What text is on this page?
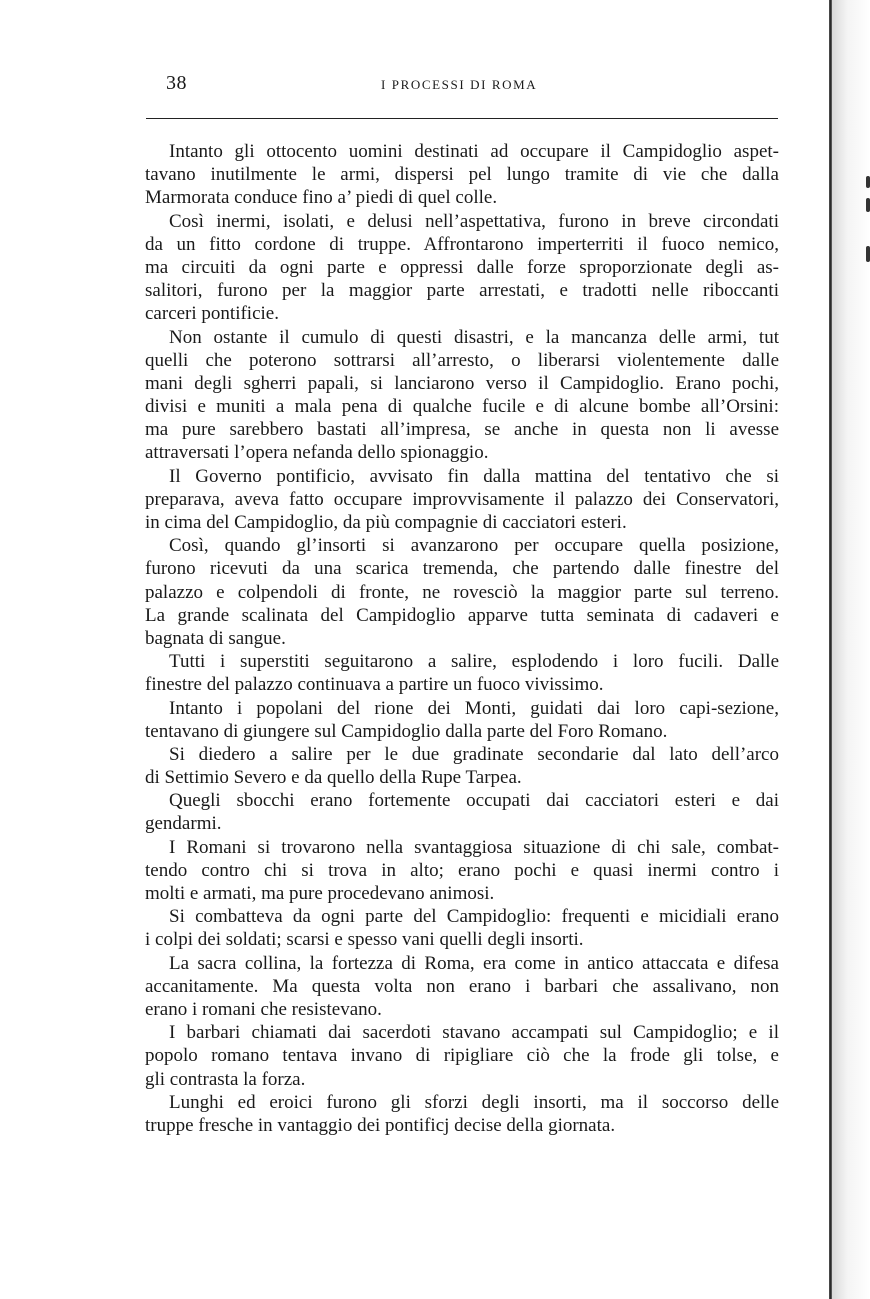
38	I PROCESSI DI ROMA
Intanto gli ottocento uomini destinati ad occupare il Campidoglio aspet-
tavano inutilmente le armi, dispersi pel lungo tramite di vie che dalla
Marmorata conduce fino a’ piedi di quel colle.
Così inermi, isolati, e delusi nell’aspettativa, furono in breve circondati
da un fitto cordone di truppe. Affrontarono imperterriti il fuoco nemico,
ma circuiti da ogni parte e oppressi dalle forze sproporzionate degli as-
salitori, furono per la maggior parte arrestati, e tradotti nelle riboccanti
carceri pontificie.
Non ostante il cumulo di questi disastri, e la mancanza delle armi, tut
quelli che poterono sottrarsi all’arresto, o liberarsi violentemente dalle
mani degli sgherri papali, si lanciarono verso il Campidoglio. Erano pochi,
divisi e muniti a mala pena di qualche fucile e di alcune bombe all’Orsini:
ma pure sarebbero bastati all’impresa, se anche in questa non li avesse
attraversati l’opera nefanda dello spionaggio.
Il Governo pontificio, avvisato fin dalla mattina del tentativo che si
preparava, aveva fatto occupare improvvisamente il palazzo dei Conservatori,
in cima del Campidoglio, da più compagnie di cacciatori esteri.
Così, quando gl’insorti si avanzarono per occupare quella posizione,
furono ricevuti da una scarica tremenda, che partendo dalle finestre del
palazzo e colpendoli di fronte, ne rovesciò la maggior parte sul terreno.
La grande scalinata del Campidoglio apparve tutta seminata di cadaveri e
bagnata di sangue.
Tutti i superstiti seguitarono a salire, esplodendo i loro fucili. Dalle
finestre del palazzo continuava a partire un fuoco vivissimo.
Intanto i popolani del rione dei Monti, guidati dai loro capi-sezione,
tentavano di giungere sul Campidoglio dalla parte del Foro Romano.
Si diedero a salire per le due gradinate secondarie dal lato dell’arco
di Settimio Severo e da quello della Rupe Tarpea.
Quegli sbocchi erano fortemente occupati dai cacciatori esteri e dai
gendarmi.
I Romani si trovarono nella svantaggiosa situazione di chi sale, combat-
tendo contro chi si trova in alto; erano pochi e quasi inermi contro i
molti e armati, ma pure procedevano animosi.
Si combatteva da ogni parte del Campidoglio: frequenti e micidiali erano
i colpi dei soldati; scarsi e spesso vani quelli degli insorti.
La sacra collina, la fortezza di Roma, era come in antico attaccata e difesa
accanitamente. Ma questa volta non erano i barbari che assalivano, non
erano i romani che resistevano.
I barbari chiamati dai sacerdoti stavano accampati sul Campidoglio; e il
popolo romano tentava invano di ripigliare ciò che la frode gli tolse, e
gli contrasta la forza.
Lunghi ed eroici furono gli sforzi degli insorti, ma il soccorso delle
truppe fresche in vantaggio dei pontificj decise della giornata.
